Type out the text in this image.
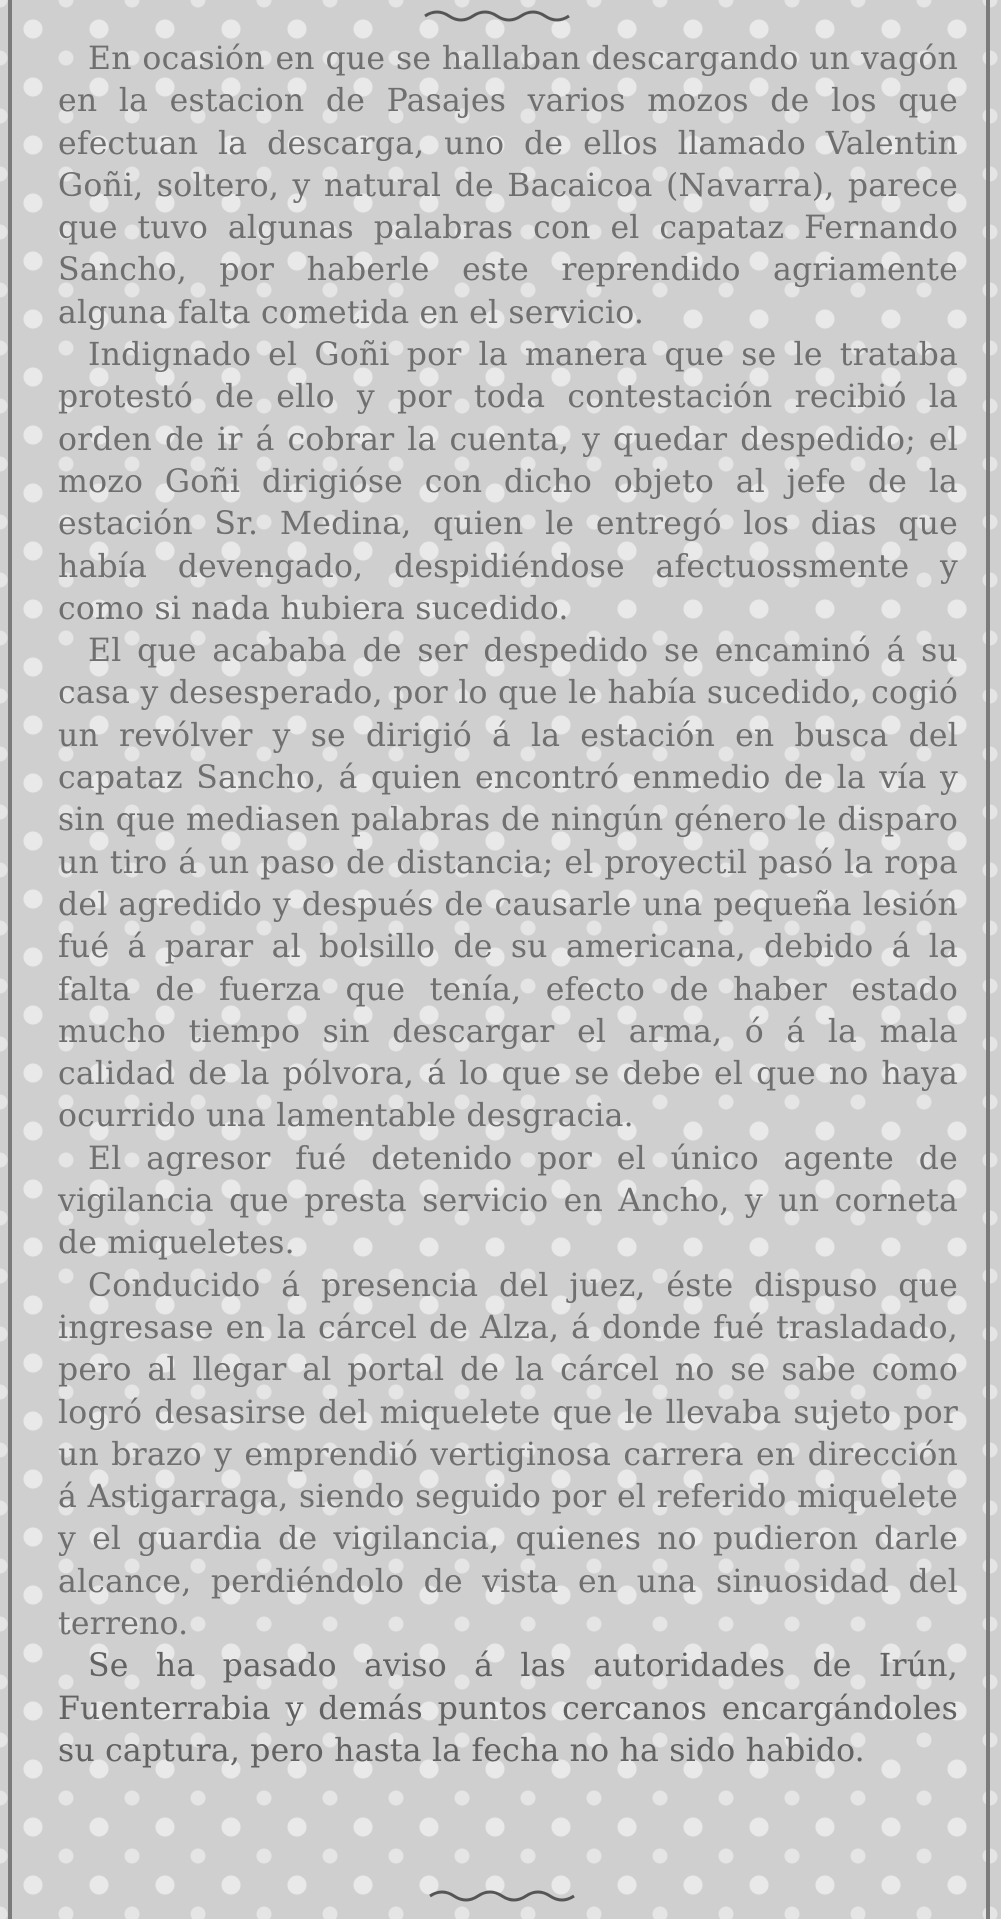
En ocasión en que se hallaban descargando un vagón en la estacion de Pasajes varios mozos de los que efectuan la descarga, uno de ellos llamado Valentin Goñi, soltero, y natural de Bacaicoa (Navarra), parece que tuvo algunas palabras con el capataz Fernando Sancho, por haberle este reprendido agriamente alguna falta cometida en el servicio.

Indignado el Goñi por la manera que se le trataba protestó de ello y por toda contestación recibió la orden de ir á cobrar la cuenta, y quedar despedido; el mozo Goñi dirigióse con dicho objeto al jefe de la estación Sr. Medina, quien le entregó los dias que había devengado, despidiéndose afectuossmente y como si nada hubiera sucedido.

El que acababa de ser despedido se encaminó á su casa y desesperado, por lo que le había sucedido, cogió un revólver y se dirigió á la estación en busca del capataz Sancho, á quien encontró enmedio de la vía y sin que mediasen palabras de ningún género le disparo un tiro á un paso de distancia; el proyectil pasó la ropa del agredido y después de causarle una pequeña lesión fué á parar al bolsillo de su americana, debido á la falta de fuerza que tenía, efecto de haber estado mucho tiempo sin descargar el arma, ó á la mala calidad de la pólvora, á lo que se debe el que no haya ocurrido una lamentable desgracia.

El agresor fué detenido por el único agente de vigilancia que presta servicio en Ancho, y un corneta de miqueletes.

Conducido á presencia del juez, éste dispuso que ingresase en la cárcel de Alza, á donde fué trasladado, pero al llegar al portal de la cárcel no se sabe como logró desasirse del miquelete que le llevaba sujeto por un brazo y emprendió vertiginosa carrera en dirección á Astigarraga, siendo seguido por el referido miquelete y el guardia de vigilancia, quienes no pudieron darle alcance, perdiéndolo de vista en una sinuosidad del terreno.

Se ha pasado aviso á las autoridades de Irún, Fuenterrabia y demás puntos cercanos encargándoles su captura, pero hasta la fecha no ha sido habido.
